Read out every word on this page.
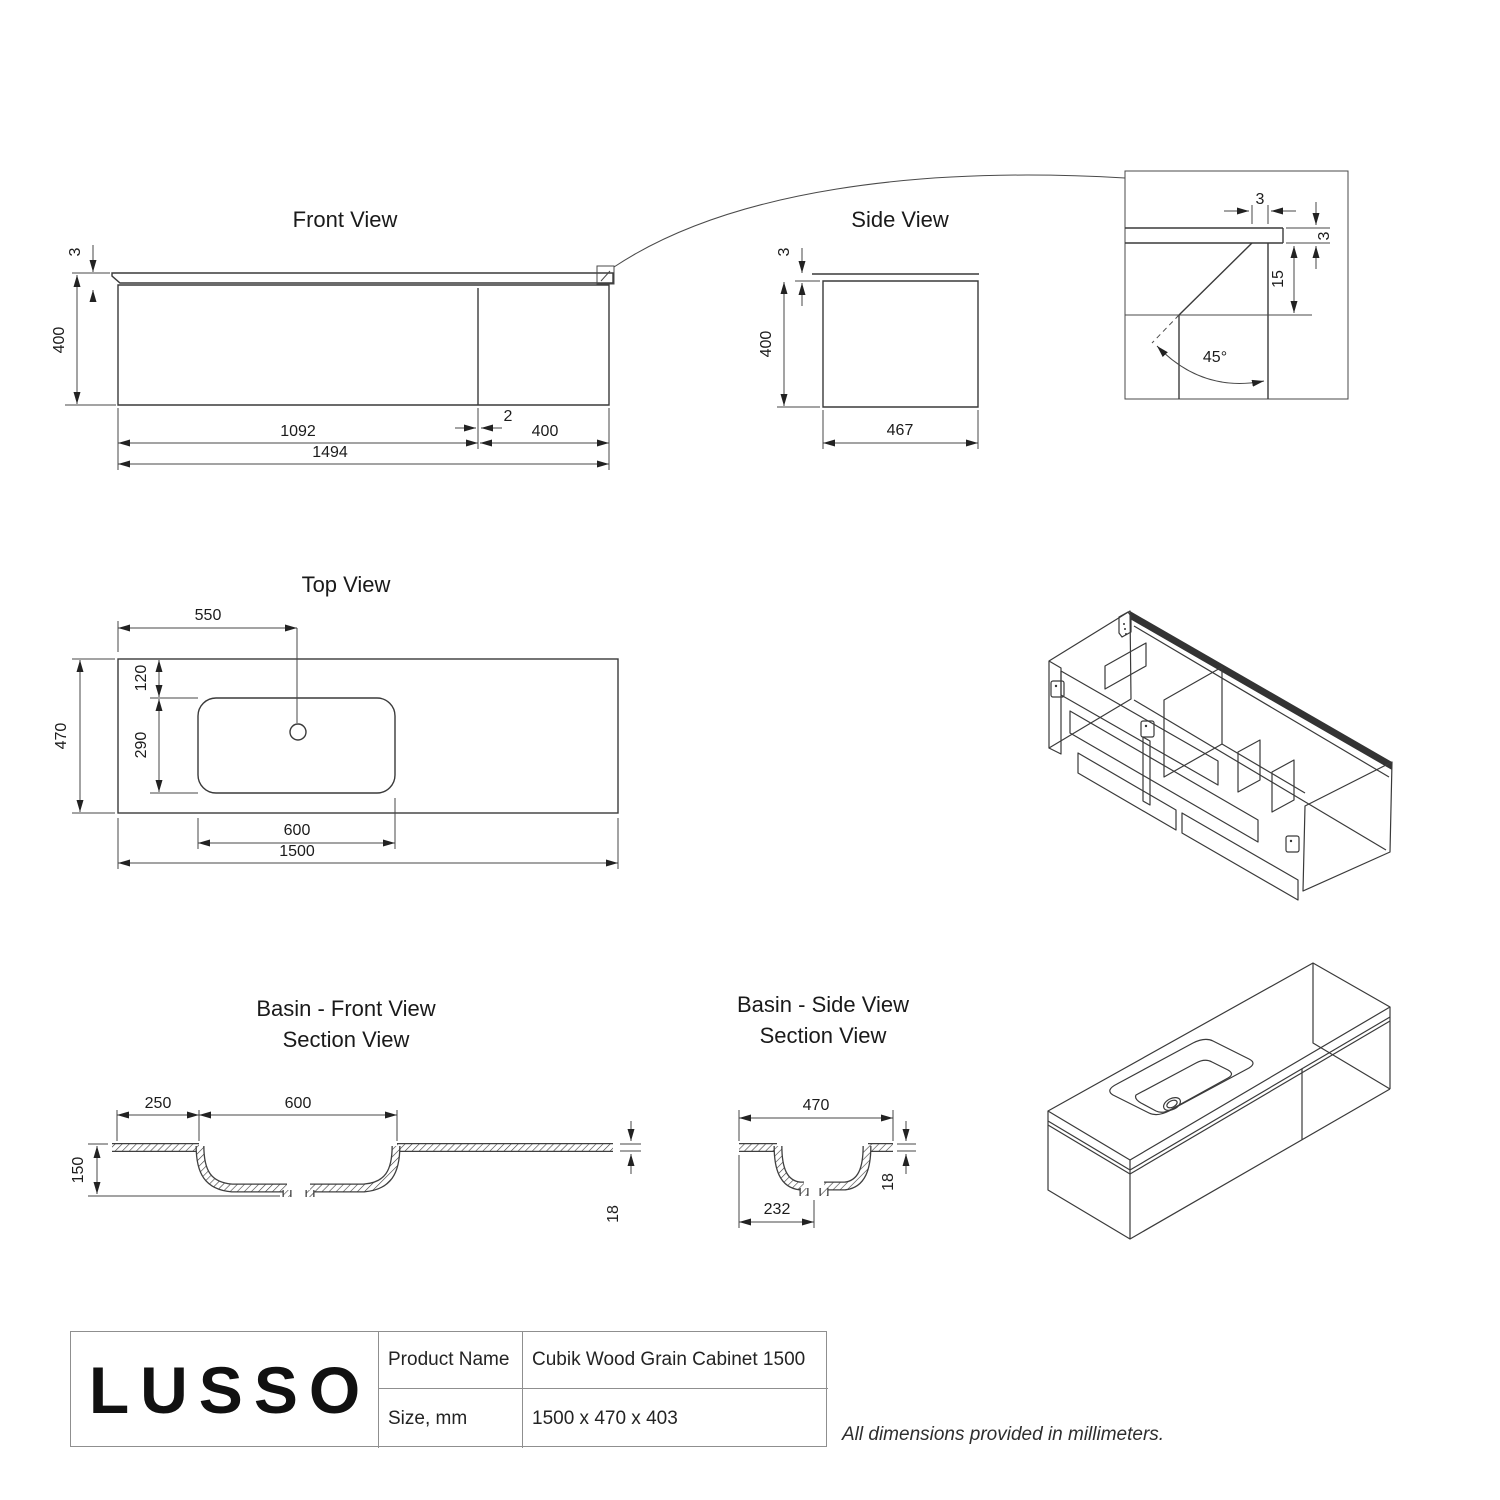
Front View
3
400
1092
2
400
1494
Side View
3
400
467
3
3
15
45°
Top View
550
120
290
470
600
1500
Basin - Front View
Section View
250	600
150
18
Basin - Side View
Section View
470
18
232
LUSSO Product Name	Cubik Wood Grain Cabinet 1500
Size, mm	1500 x 470 x 403
All dimensions provided in millimeters.
